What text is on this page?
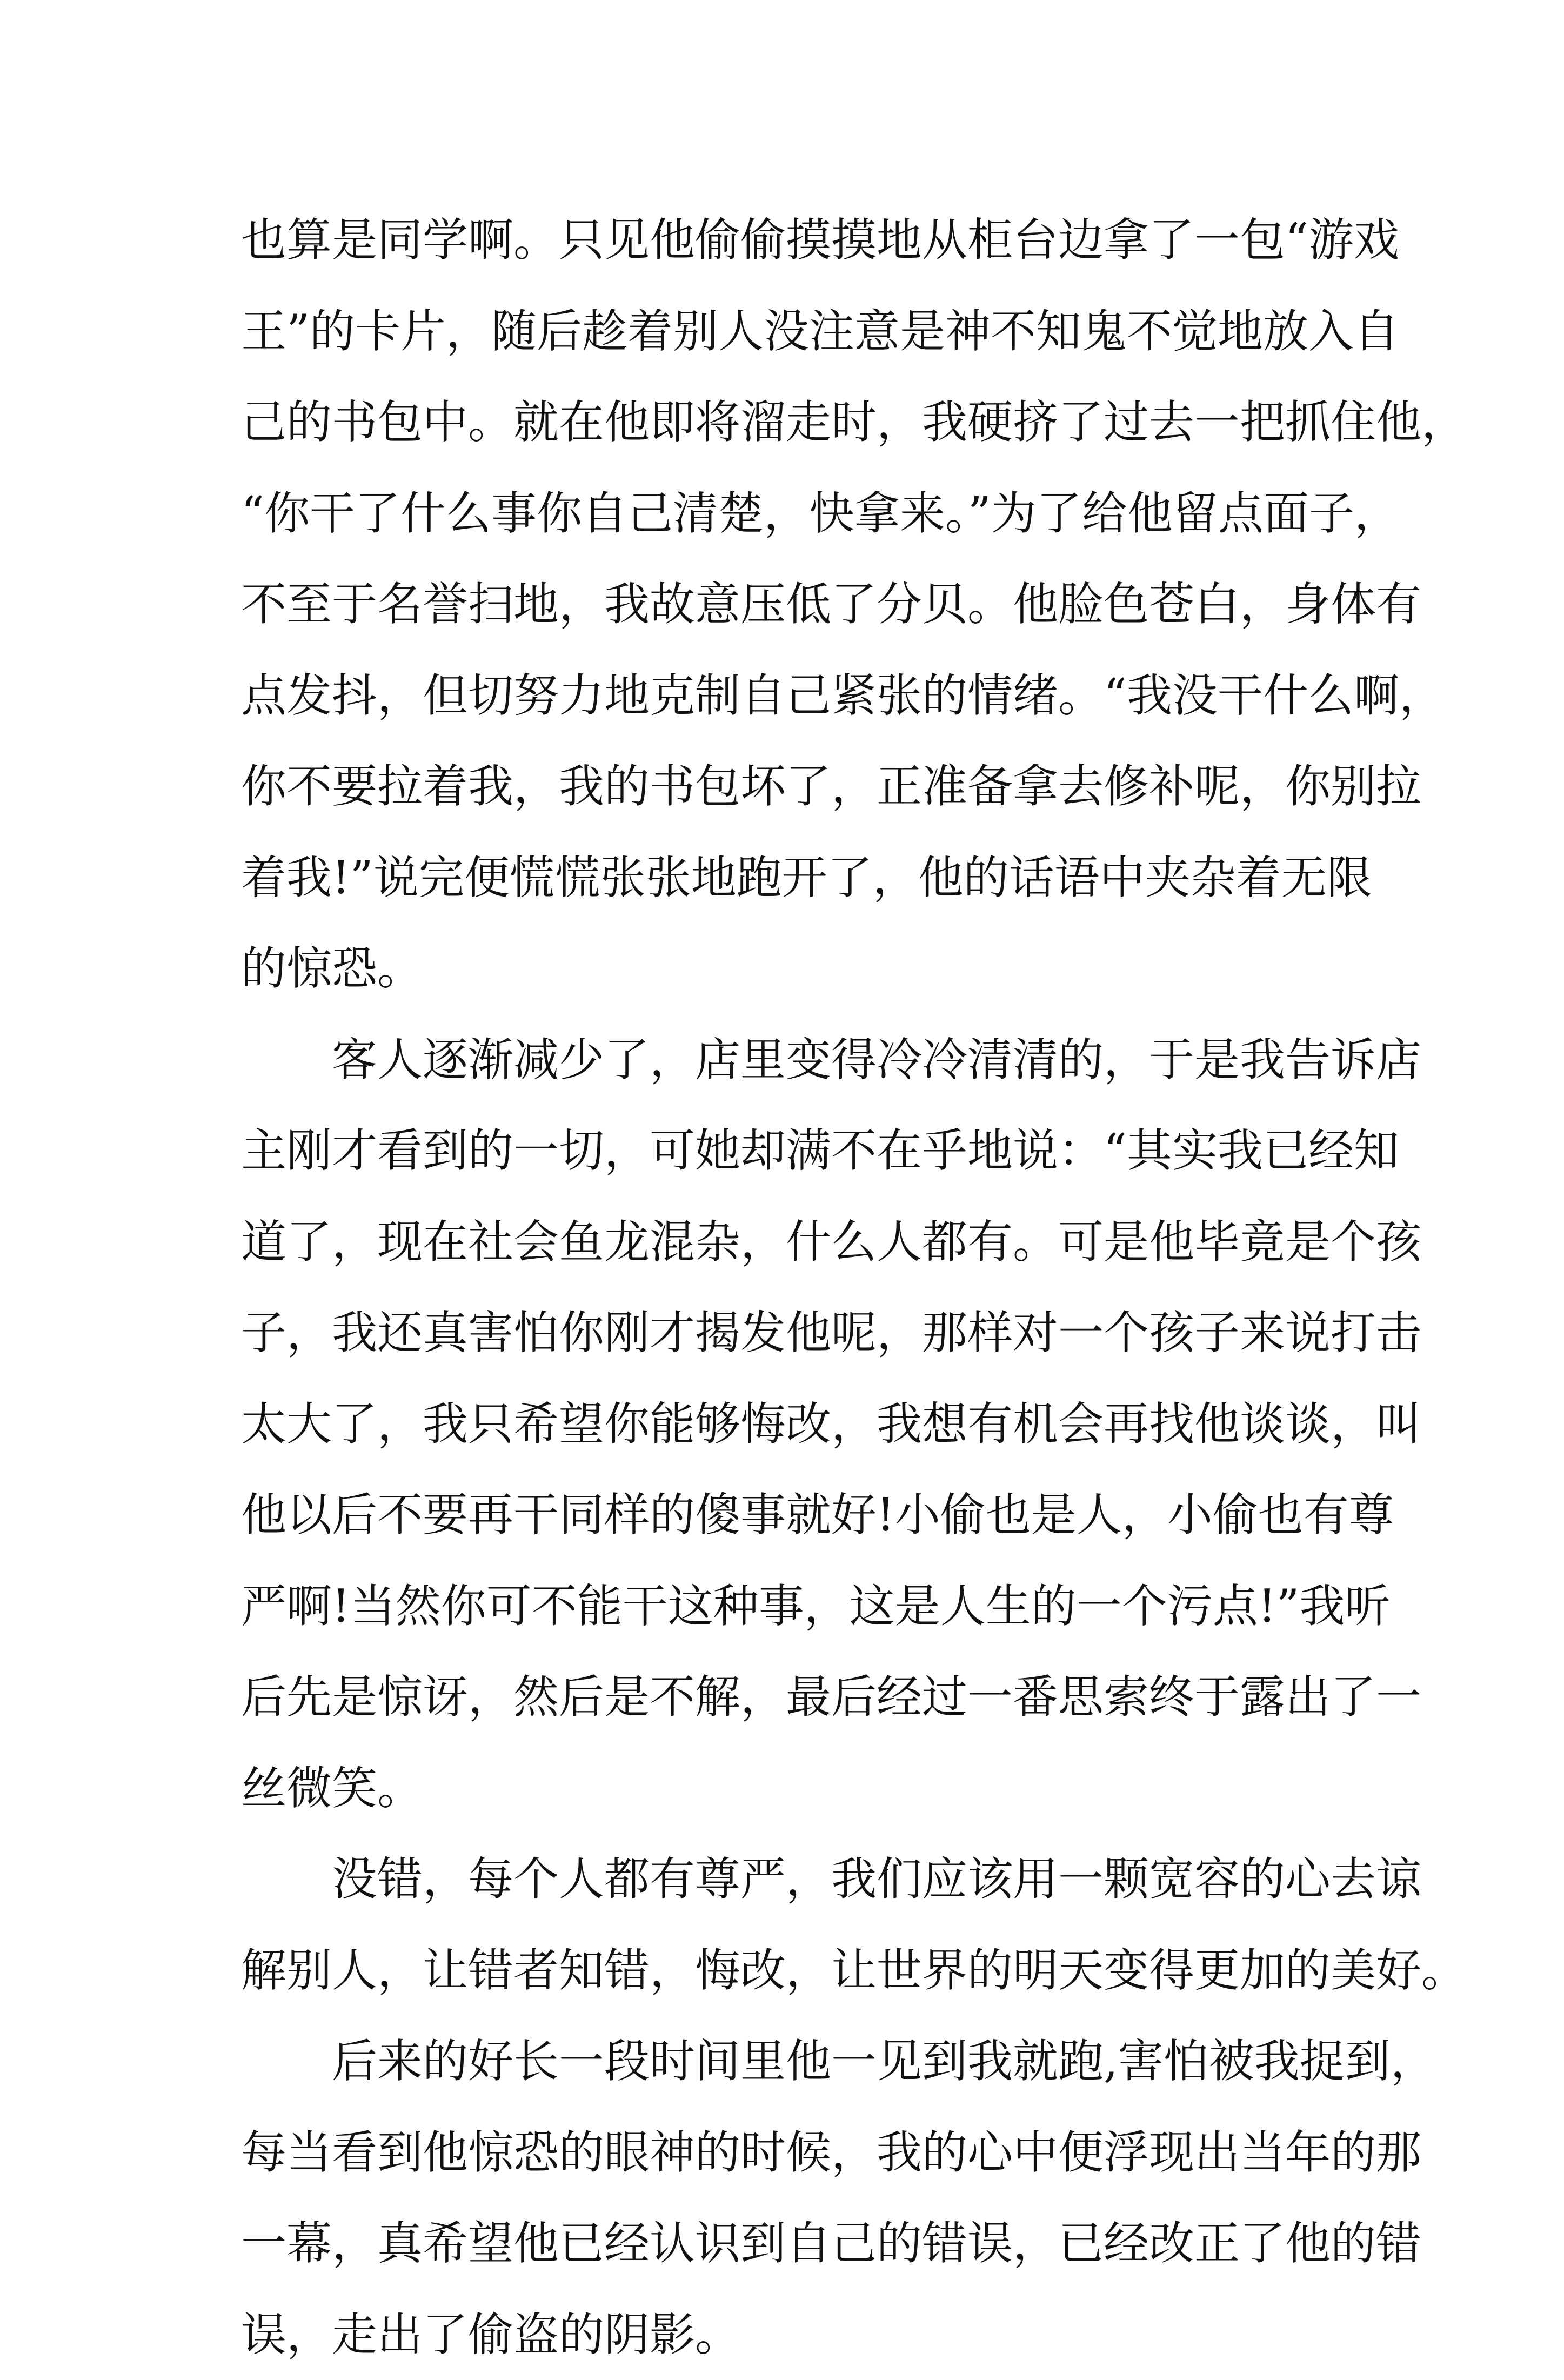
也算是同学啊。只见他偷偷摸摸地从柜台边拿了一包“游戏
王”的卡片，随后趁着别人没注意是神不知鬼不觉地放入自
己的书包中。就在他即将溜走时，我硬挤了过去一把抓住他，
“你干了什么事你自己清楚，快拿来。”为了给他留点面子，
不至于名誉扫地，我故意压低了分贝。他脸色苍白，身体有
点发抖，但切努力地克制自己紧张的情绪。“我没干什么啊，
你不要拉着我，我的书包坏了，正准备拿去修补呢，你别拉
着我!”说完便慌慌张张地跑开了，他的话语中夹杂着无限
的惊恐。
客人逐渐减少了，店里变得冷冷清清的，于是我告诉店
主刚才看到的一切，可她却满不在乎地说：“其实我已经知
道了，现在社会鱼龙混杂，什么人都有。可是他毕竟是个孩
子，我还真害怕你刚才揭发他呢，那样对一个孩子来说打击
太大了，我只希望你能够悔改，我想有机会再找他谈谈，叫
他以后不要再干同样的傻事就好!小偷也是人，小偷也有尊
严啊!当然你可不能干这种事，这是人生的一个污点!”我听
后先是惊讶，然后是不解，最后经过一番思索终于露出了一
丝微笑。
没错，每个人都有尊严，我们应该用一颗宽容的心去谅
解别人，让错者知错，悔改，让世界的明天变得更加的美好。
后来的好长一段时间里他一见到我就跑,害怕被我捉到，
每当看到他惊恐的眼神的时候，我的心中便浮现出当年的那
一幕，真希望他已经认识到自己的错误，已经改正了他的错
误，走出了偷盗的阴影。
